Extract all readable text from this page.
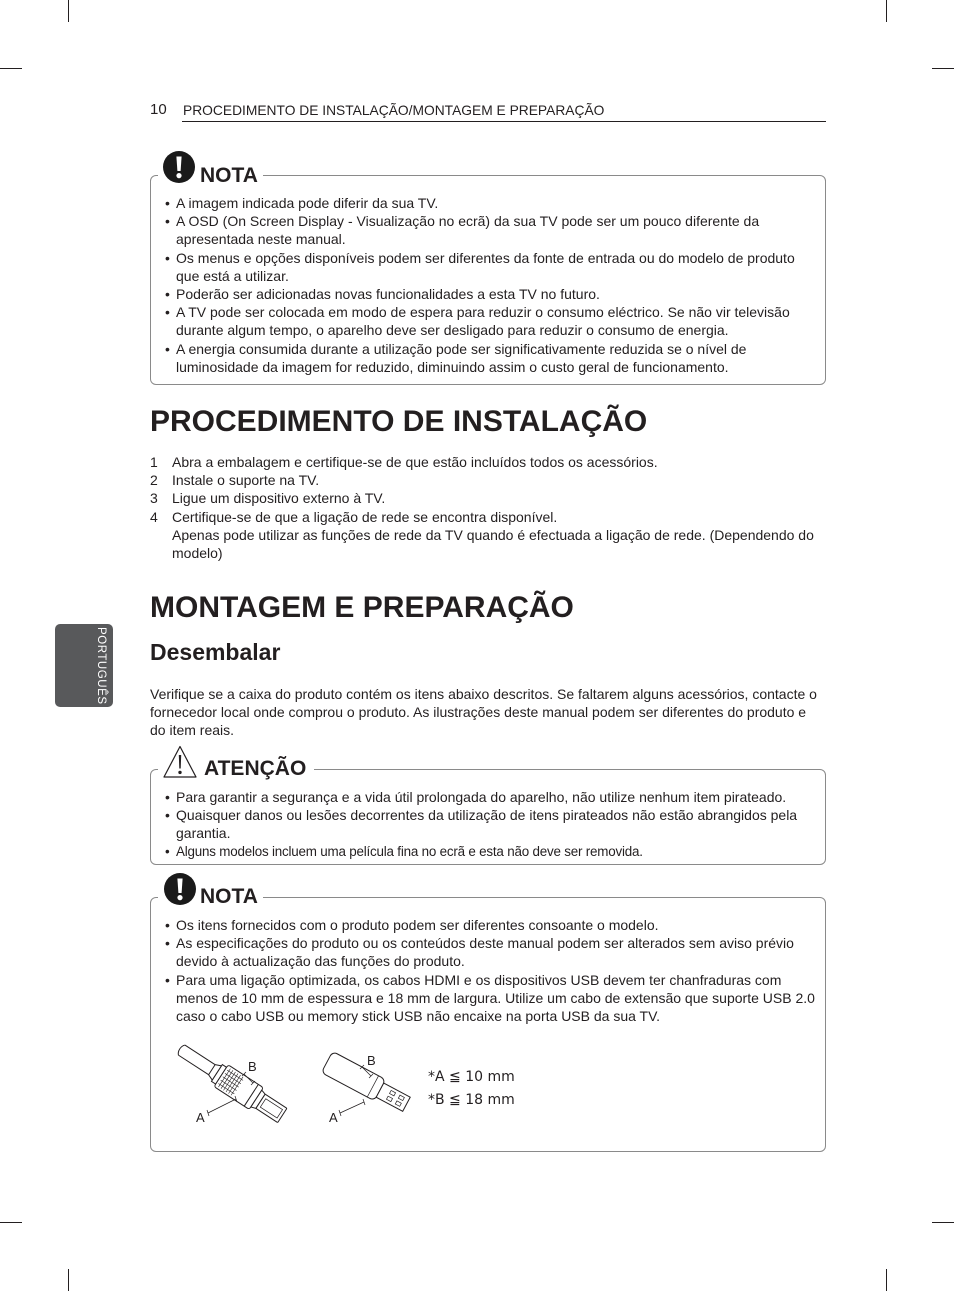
10 PROCEDIMENTO DE INSTALAÇÃO/MONTAGEM E PREPARAÇÃO
PORTUGUÊS
NOTA
• A imagem indicada pode diferir da sua TV.
• A OSD (On Screen Display - Visualização no ecrã) da sua TV pode ser um pouco diferente da apresentada neste manual.
• Os menus e opções disponíveis podem ser diferentes da fonte de entrada ou do modelo de produto que está a utilizar.
• Poderão ser adicionadas novas funcionalidades a esta TV no futuro.
• A TV pode ser colocada em modo de espera para reduzir o consumo eléctrico. Se não vir televisão durante algum tempo, o aparelho deve ser desligado para reduzir o consumo de energia.
• A energia consumida durante a utilização pode ser significativamente reduzida se o nível de luminosidade da imagem for reduzido, diminuindo assim o custo geral de funcionamento.
PROCEDIMENTO DE INSTALAÇÃO
1 Abra a embalagem e certifique-se de que estão incluídos todos os acessórios.
2 Instale o suporte na TV.
3 Ligue um dispositivo externo à TV.
4 Certifique-se de que a ligação de rede se encontra disponível.
Apenas pode utilizar as funções de rede da TV quando é efectuada a ligação de rede. (Dependendo do modelo)
MONTAGEM E PREPARAÇÃO
Desembalar
Verifique se a caixa do produto contém os itens abaixo descritos. Se faltarem alguns acessórios, contacte o fornecedor local onde comprou o produto. As ilustrações deste manual podem ser diferentes do produto e do item reais.
ATENÇÃO
• Para garantir a segurança e a vida útil prolongada do aparelho, não utilize nenhum item pirateado.
• Quaisquer danos ou lesões decorrentes da utilização de itens pirateados não estão abrangidos pela garantia.
• Alguns modelos incluem uma película fina no ecrã e esta não deve ser removida.
NOTA
• Os itens fornecidos com o produto podem ser diferentes consoante o modelo.
• As especificações do produto ou os conteúdos deste manual podem ser alterados sem aviso prévio devido à actualização das funções do produto.
• Para uma ligação optimizada, os cabos HDMI e os dispositivos USB devem ter chanfraduras com menos de 10 mm de espessura e 18 mm de largura. Utilize um cabo de extensão que suporte USB 2.0 caso o cabo USB ou memory stick USB não encaixe na porta USB da sua TV.
B
A
B
A
*A ≦ 10 mm
*B ≦ 18 mm
